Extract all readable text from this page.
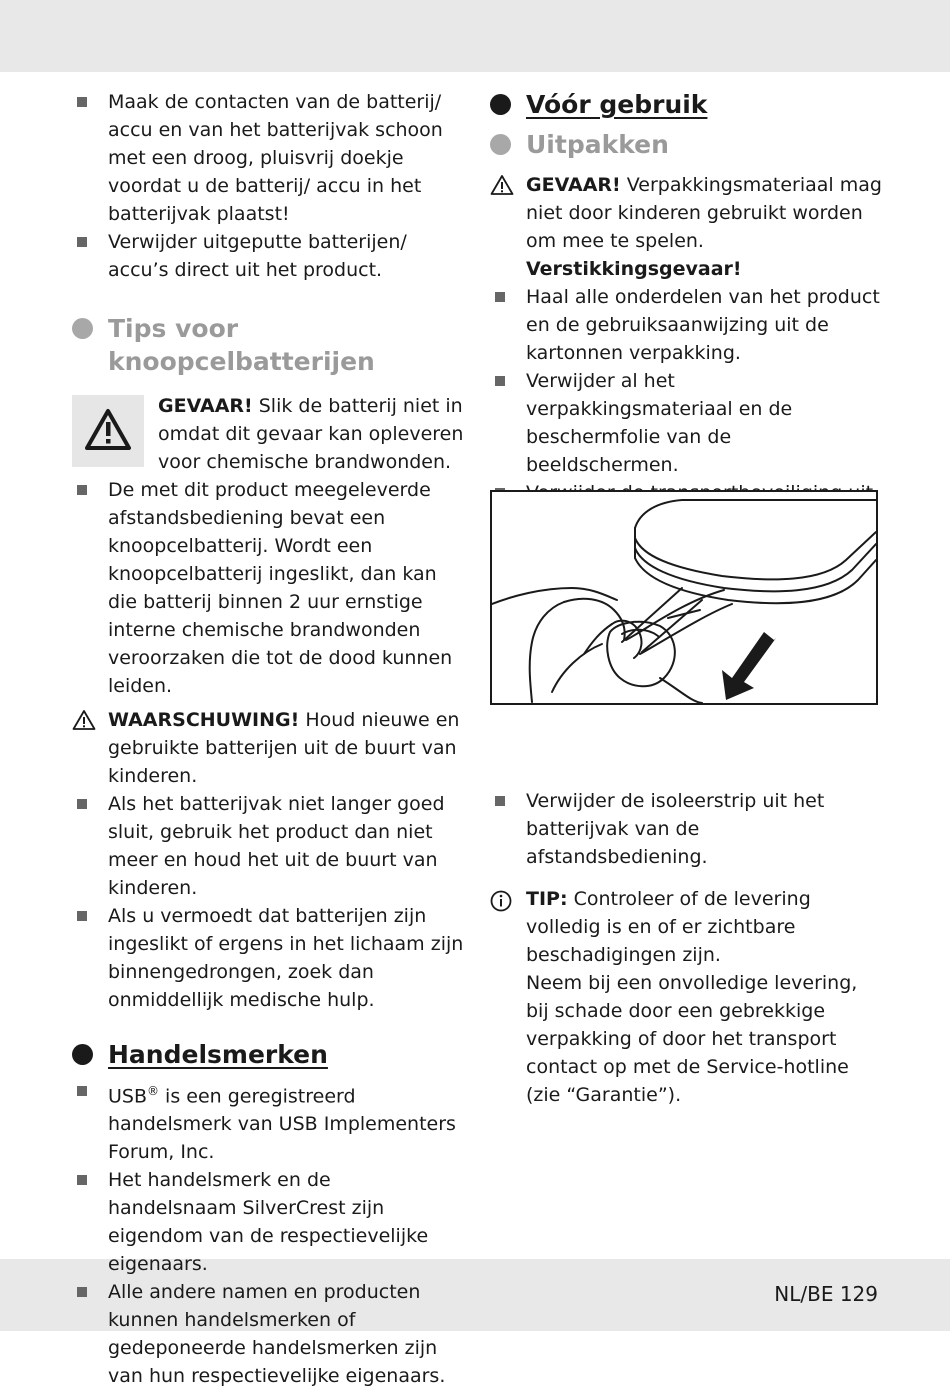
NL/BE 129

Maak de contacten van de batterij/ accu en van het batterijvak schoon met een droog, pluisvrij doekje voordat u de batterij/ accu in het batterijvak plaatst!

Verwijder uitgeputte batterijen/ accu’s direct uit het product.

Tips voor
knoopcelbatterijen
GEVAAR! Slik de batterij niet in omdat dit gevaar kan opleveren voor chemische brandwonden.

De met dit product meegeleverde afstandsbediening bevat een knoopcelbatterij. Wordt een knoopcelbatterij ingeslikt, dan kan die batterij binnen 2 uur ernstige interne chemische brandwonden veroorzaken die tot de dood kunnen leiden.

WAARSCHUWING! Houd nieuwe en gebruikte batterijen uit de buurt van kinderen.

Als het batterijvak niet langer goed sluit, gebruik het product dan niet meer en houd het uit de buurt van kinderen.

Als u vermoedt dat batterijen zijn ingeslikt of ergens in het lichaam zijn binnengedrongen, zoek dan onmiddellijk medische hulp.

Handelsmerken

USB® is een geregistreerd handelsmerk van USB Implementers Forum, Inc.

Het handelsmerk en de handelsnaam SilverCrest zijn eigendom van de respectievelijke eigenaars.

Alle andere namen en producten kunnen handelsmerken of gedeponeerde handelsmerken zijn van hun respectievelijke eigenaars.

Vóór gebruik
Uitpakken

GEVAAR! Verpakkingsmateriaal mag niet door kinderen gebruikt worden om mee te spelen. Verstikkingsgevaar!

Haal alle onderdelen van het product en de gebruiksaanwijzing uit de kartonnen verpakking.

Verwijder al het verpakkingsmateriaal en de beschermfolie van de beeldschermen.

Verwijder de isoleerstrip uit het batterijvak van de afstandsbediening.

TIP: Controleer of de levering volledig is en of er zichtbare beschadigingen zijn.
Neem bij een onvolledige levering, bij schade door een gebrekkige verpakking of door het transport contact op met de Service-hotline (zie “Garantie”).
